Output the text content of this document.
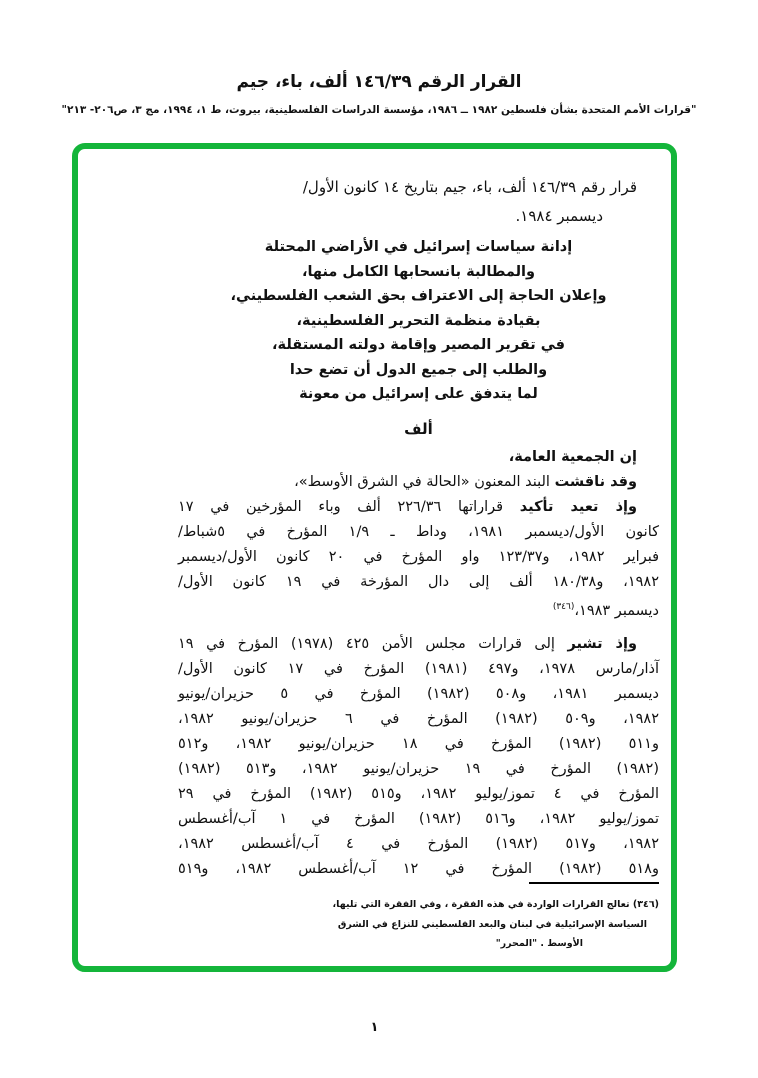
القرار الرقم ١٤٦/٣٩ ألف، باء، جيم
"قرارات الأمم المتحدة بشأن فلسطين ١٩٨٢ ــ ١٩٨٦، مؤسسة الدراسات الفلسطينية، بيروت، ط ١، ١٩٩٤، مج ٣، ص٢٠٦- ٢١٣"
قرار رقم ١٤٦/٣٩ ألف، باء، جيم بتاريخ ١٤ كانون الأول/
ديسمبر ١٩٨٤.
إدانة سياسات إسرائيل في الأراضي المحتلة
والمطالبة بانسحابها الكامل منها،
وإعلان الحاجة إلى الاعتراف بحق الشعب الفلسطيني،
بقيادة منظمة التحرير الفلسطينية،
في تقرير المصير وإقامة دولته المستقلة،
والطلب إلى جميع الدول أن تضع حدا
لما يتدفق على إسرائيل من معونة
ألف
إن الجمعية العامة،
وقد ناقشت البند المعنون «الحالة في الشرق الأوسط»،
وإذ تعيد تأكيد قراراتها ٢٢٦/٣٦ ألف وباء المؤرخين في ١٧
كانون الأول/ديسمبر ١٩٨١، وداط ـ ١/٩ المؤرخ في ٥شباط/
فبراير ١٩٨٢، و١٢٣/٣٧ واو المؤرخ في ٢٠ كانون الأول/ديسمبر
١٩٨٢، و١٨٠/٣٨ ألف إلى دال المؤرخة في ١٩ كانون الأول/
ديسمبر ١٩٨٣،$^{(٣٤٦)}$
وإذ تشير إلى قرارات مجلس الأمن ٤٢٥ (١٩٧٨) المؤرخ في ١٩
آذار/مارس ١٩٧٨، و٤٩٧ (١٩٨١) المؤرخ في ١٧ كانون الأول/
ديسمبر ١٩٨١، و٥٠٨ (١٩٨٢) المؤرخ في ٥ حزيران/يونيو
١٩٨٢، و٥٠٩ (١٩٨٢) المؤرخ في ٦ حزيران/يونيو ١٩٨٢،
و٥١١ (١٩٨٢) المؤرخ في ١٨ حزيران/يونيو ١٩٨٢، و٥١٢
(١٩٨٢) المؤرخ في ١٩ حزيران/يونيو ١٩٨٢، و٥١٣ (١٩٨٢)
المؤرخ في ٤ تموز/يوليو ١٩٨٢، و٥١٥ (١٩٨٢) المؤرخ في ٢٩
تموز/يوليو ١٩٨٢، و٥١٦ (١٩٨٢) المؤرخ في ١ آب/أغسطس
١٩٨٢، و٥١٧ (١٩٨٢) المؤرخ في ٤ آب/أغسطس ١٩٨٢،
و٥١٨ (١٩٨٢) المؤرخ في ١٢ آب/أغسطس ١٩٨٢، و٥١٩
(٣٤٦) تعالج القرارات الواردة في هذه الفقرة ، وفي الفقرة التي تليها،
السياسة الإسرائيلية في لبنان والبعد الفلسطيني للنزاع في الشرق
الأوسط . "المحرر"
١
